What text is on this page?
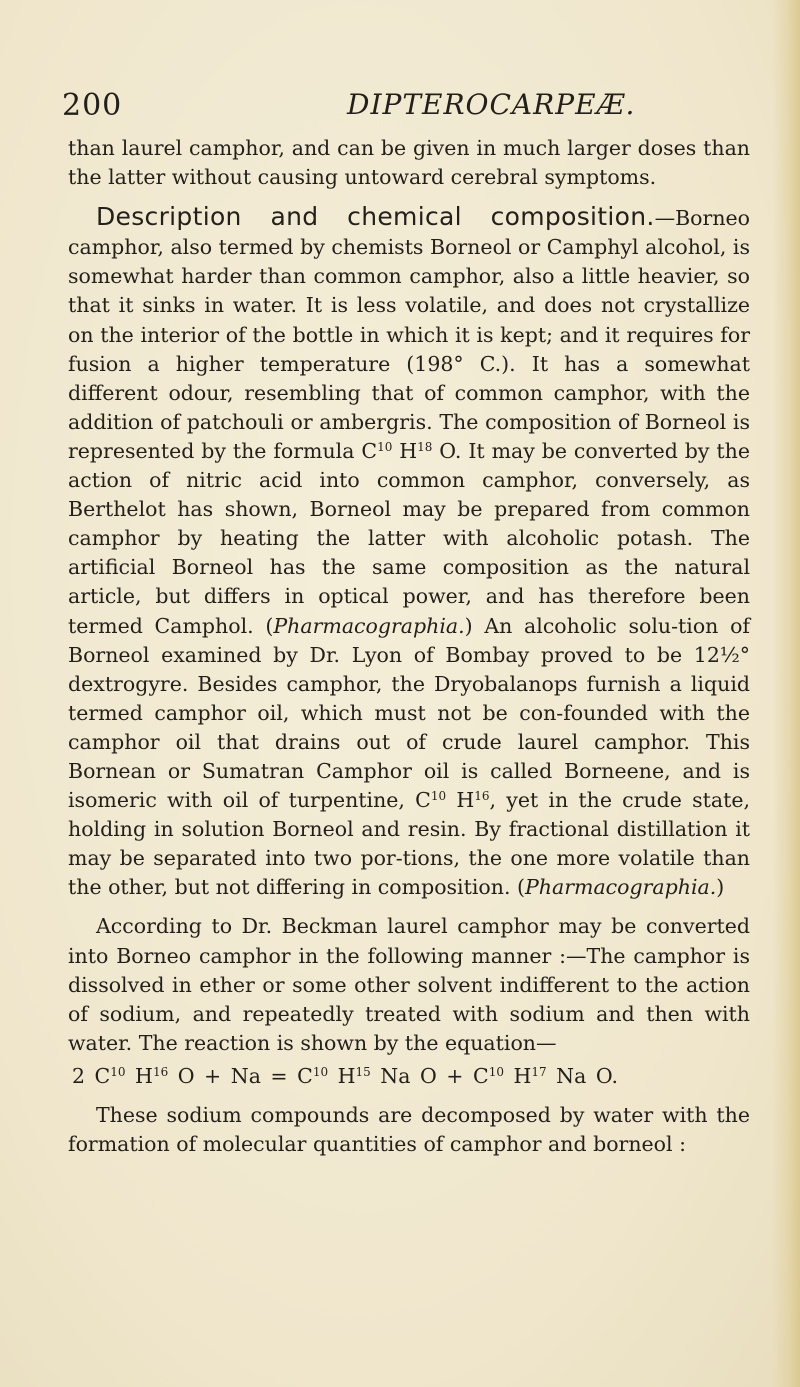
200	DIPTEROCARPEÆ.

than laurel camphor, and can be given in much larger doses than the latter without causing untoward cerebral symptoms.

Description and chemical composition.—Borneo camphor, also termed by chemists Borneol or Camphyl alcohol, is somewhat harder than common camphor, also a little heavier, so that it sinks in water. It is less volatile, and does not crystallize on the interior of the bottle in which it is kept; and it requires for fusion a higher temperature (198° C.). It has a somewhat different odour, resembling that of common camphor, with the addition of patchouli or ambergris. The composition of Borneol is represented by the formula $C^{10}$ $H^{18}$ O. It may be converted by the action of nitric acid into common camphor, conversely, as Berthelot has shown, Borneol may be prepared from common camphor by heating the latter with alcoholic potash. The artificial Borneol has the same composition as the natural article, but differs in optical power, and has therefore been termed Camphol. (Pharmacographia.) An alcoholic solu-tion of Borneol examined by Dr. Lyon of Bombay proved to be 12½° dextrogyre. Besides camphor, the Dryobalanops furnish a liquid termed camphor oil, which must not be con-founded with the camphor oil that drains out of crude laurel camphor. This Bornean or Sumatran Camphor oil is called Borneene, and is isomeric with oil of turpentine, $C^{10}$ $H^{16}$, yet in the crude state, holding in solution Borneol and resin. By fractional distillation it may be separated into two por-tions, the one more volatile than the other, but not differing in composition. (Pharmacographia.)

According to Dr. Beckman laurel camphor may be converted into Borneo camphor in the following manner :—The camphor is dissolved in ether or some other solvent indifferent to the action of sodium, and repeatedly treated with sodium and then with water. The reaction is shown by the equation—

2 $C^{10}$ $H^{16}$ $O + Na = C^{10}$ $H^{15}$ Na $O + C^{10}$ $H^{17}$ Na O.

These sodium compounds are decomposed by water with the formation of molecular quantities of camphor and borneol :
